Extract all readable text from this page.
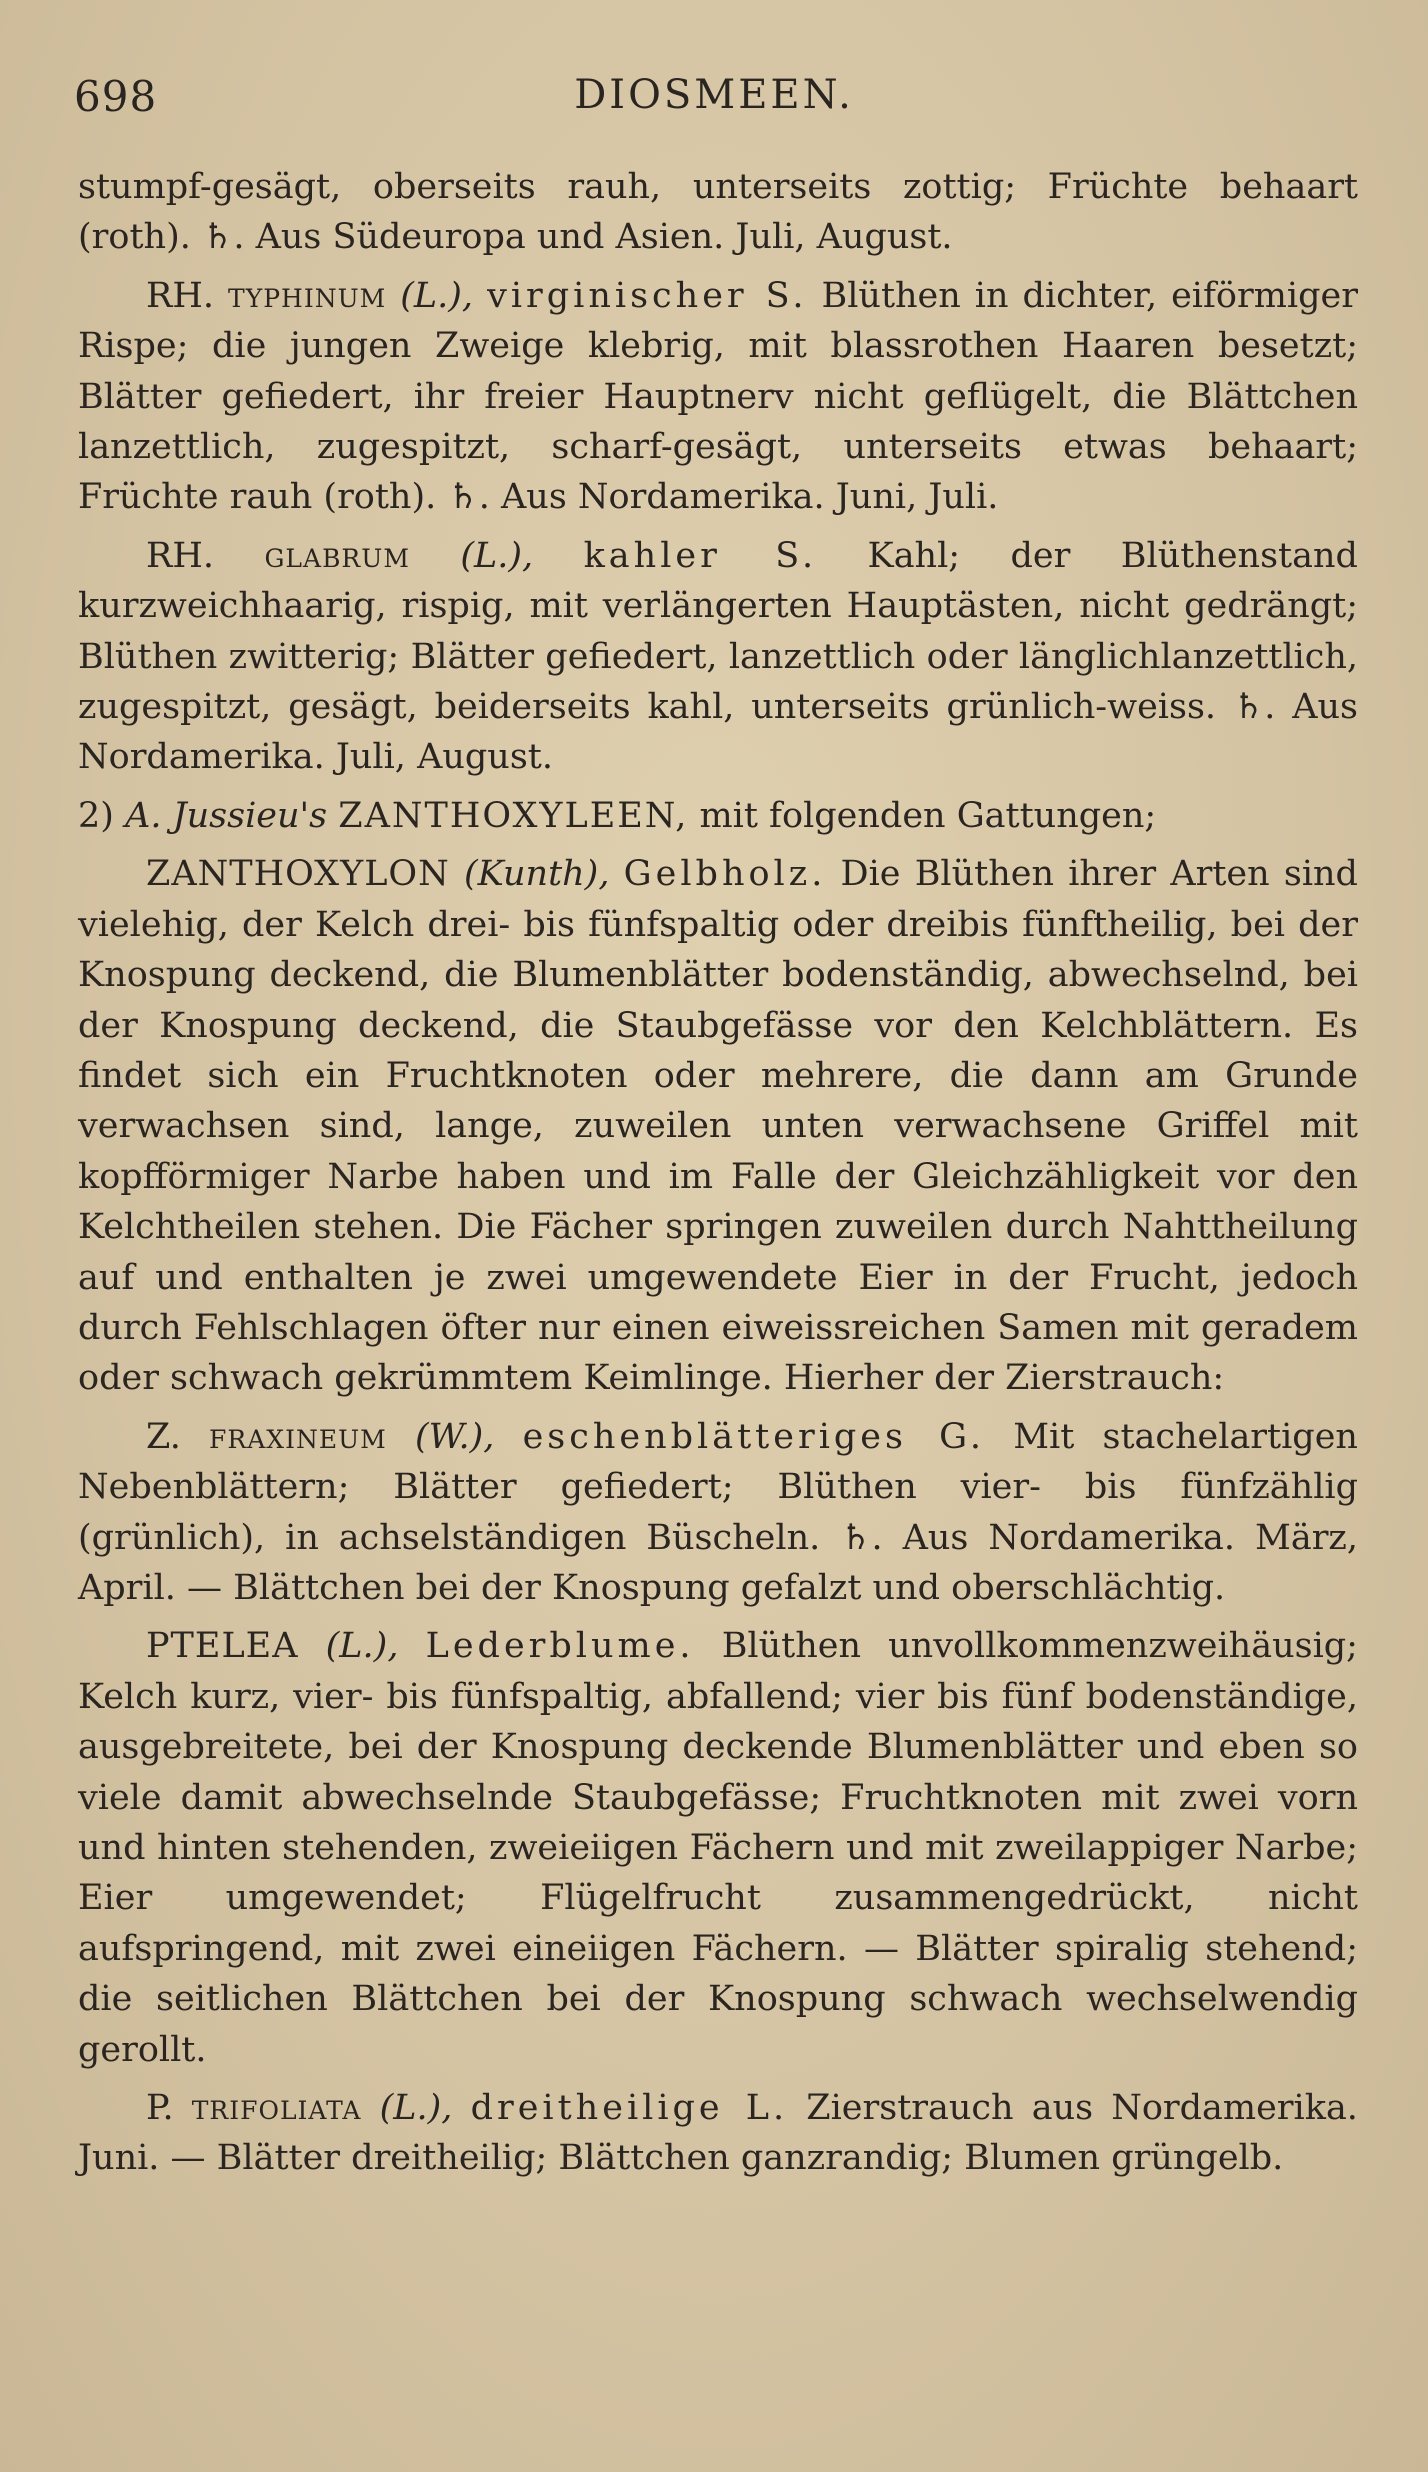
698	DIOSMEEN.

stumpf-gesägt, oberseits rauh, unterseits zottig; Früchte behaart (roth). ♄. Aus Südeuropa und Asien. Juli, August.

RH. typhinum (L.), virginischer S. Blüthen in dichter, eiförmiger Rispe; die jungen Zweige klebrig, mit blassrothen Haaren besetzt; Blätter gefiedert, ihr freier Hauptnerv nicht geflügelt, die Blättchen lanzettlich, zugespitzt, scharf-gesägt, unterseits etwas behaart; Früchte rauh (roth). ♄. Aus Nordamerika. Juni, Juli.

RH. glabrum (L.), kahler S. Kahl; der Blüthenstand kurzweichhaarig, rispig, mit verlängerten Hauptästen, nicht gedrängt; Blüthen zwitterig; Blätter gefiedert, lanzettlich oder länglichlanzettlich, zugespitzt, gesägt, beiderseits kahl, unterseits grünlich-weiss. ♄. Aus Nordamerika. Juli, August.

2) A. Jussieu's ZANTHOXYLEEN, mit folgenden Gattungen;

ZANTHOXYLON (Kunth), Gelbholz. Die Blüthen ihrer Arten sind vielehig, der Kelch drei- bis fünfspaltig oder dreibis fünftheilig, bei der Knospung deckend, die Blumenblätter bodenständig, abwechselnd, bei der Knospung deckend, die Staubgefässe vor den Kelchblättern. Es findet sich ein Fruchtknoten oder mehrere, die dann am Grunde verwachsen sind, lange, zuweilen unten verwachsene Griffel mit kopfförmiger Narbe haben und im Falle der Gleichzähligkeit vor den Kelchtheilen stehen. Die Fächer springen zuweilen durch Nahttheilung auf und enthalten je zwei umgewendete Eier in der Frucht, jedoch durch Fehlschlagen öfter nur einen eiweissreichen Samen mit geradem oder schwach gekrümmtem Keimlinge. Hierher der Zierstrauch:

Z. fraxineum (W.), eschenblätteriges G. Mit stachelartigen Nebenblättern; Blätter gefiedert; Blüthen vier- bis fünfzählig (grünlich), in achselständigen Büscheln. ♄. Aus Nordamerika. März, April. — Blättchen bei der Knospung gefalzt und oberschlächtig.

PTELEA (L.), Lederblume. Blüthen unvollkommenzweihäusig; Kelch kurz, vier- bis fünfspaltig, abfallend; vier bis fünf bodenständige, ausgebreitete, bei der Knospung deckende Blumenblätter und eben so viele damit abwechselnde Staubgefässe; Fruchtknoten mit zwei vorn und hinten stehenden, zweieiigen Fächern und mit zweilappiger Narbe; Eier umgewendet; Flügelfrucht zusammengedrückt, nicht aufspringend, mit zwei eineiigen Fächern. — Blätter spiralig stehend; die seitlichen Blättchen bei der Knospung schwach wechselwendig gerollt.

P. trifoliata (L.), dreitheilige L. Zierstrauch aus Nordamerika. Juni. — Blätter dreitheilig; Blättchen ganzrandig; Blumen grüngelb.
